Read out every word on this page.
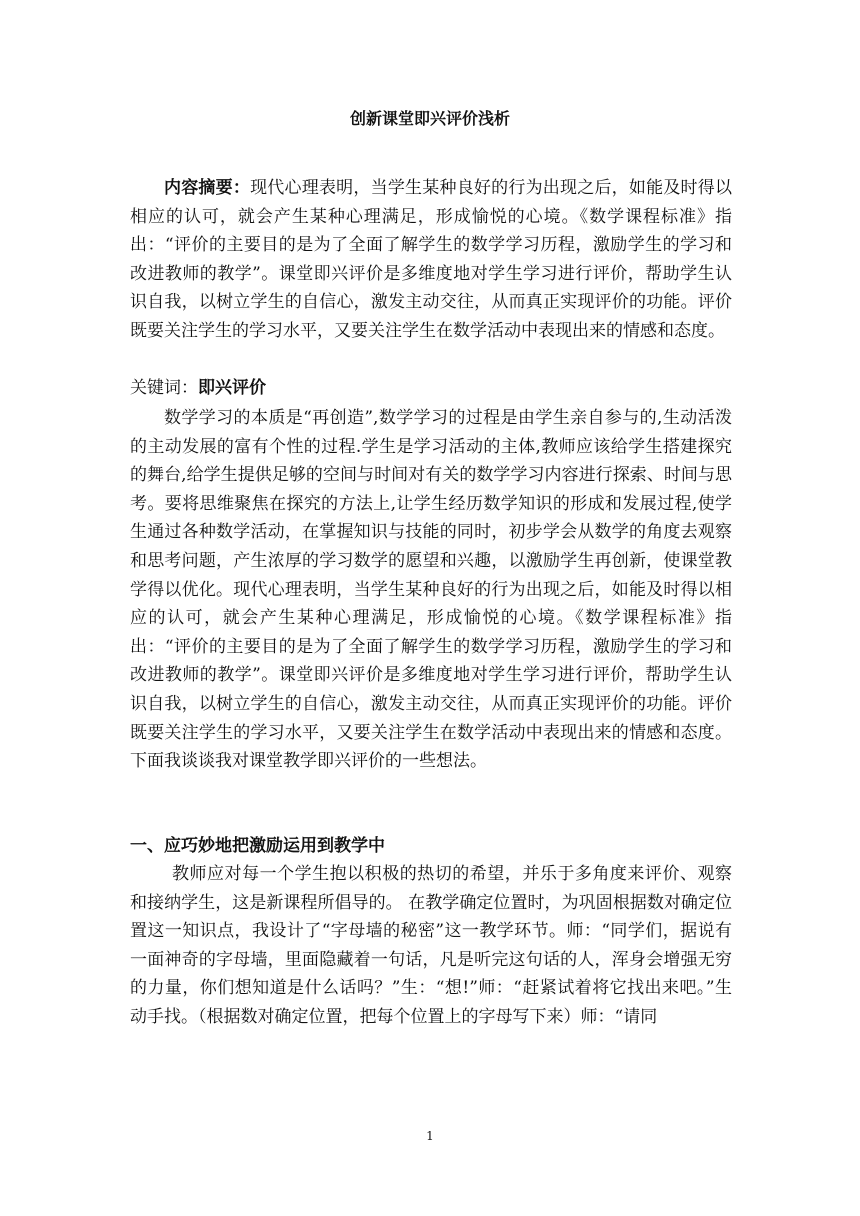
创新课堂即兴评价浅析
内容摘要：现代心理表明，当学生某种良好的行为出现之后，如能及时得以相应的认可，就会产生某种心理满足，形成愉悦的心境。《数学课程标准》指出：“评价的主要目的是为了全面了解学生的数学学习历程，激励学生的学习和改进教师的教学”。课堂即兴评价是多维度地对学生学习进行评价，帮助学生认识自我，以树立学生的自信心，激发主动交往，从而真正实现评价的功能。评价既要关注学生的学习水平，又要关注学生在数学活动中表现出来的情感和态度。
关键词：即兴评价
数学学习的本质是“再创造”,数学学习的过程是由学生亲自参与的,生动活泼的主动发展的富有个性的过程.学生是学习活动的主体,教师应该给学生搭建探究的舞台,给学生提供足够的空间与时间对有关的数学学习内容进行探索、时间与思考。要将思维聚焦在探究的方法上,让学生经历数学知识的形成和发展过程,使学生通过各种数学活动，在掌握知识与技能的同时，初步学会从数学的角度去观察和思考问题，产生浓厚的学习数学的愿望和兴趣，以激励学生再创新，使课堂教学得以优化。现代心理表明，当学生某种良好的行为出现之后，如能及时得以相应的认可，就会产生某种心理满足，形成愉悦的心境。《数学课程标准》指出：“评价的主要目的是为了全面了解学生的数学学习历程，激励学生的学习和改进教师的教学”。课堂即兴评价是多维度地对学生学习进行评价，帮助学生认识自我，以树立学生的自信心，激发主动交往，从而真正实现评价的功能。评价既要关注学生的学习水平，又要关注学生在数学活动中表现出来的情感和态度。下面我谈谈我对课堂教学即兴评价的一些想法。
一、应巧妙地把激励运用到教学中
教师应对每一个学生抱以积极的热切的希望，并乐于多角度来评价、观察和接纳学生，这是新课程所倡导的。 在教学确定位置时，为巩固根据数对确定位置这一知识点，我设计了“字母墙的秘密”这一教学环节。师：“同学们，据说有一面神奇的字母墙，里面隐藏着一句话，凡是听完这句话的人，浑身会增强无穷的力量，你们想知道是什么话吗？”生：“想!”师：“赶紧试着将它找出来吧。”生动手找。（根据数对确定位置，把每个位置上的字母写下来）师：“请同
1
